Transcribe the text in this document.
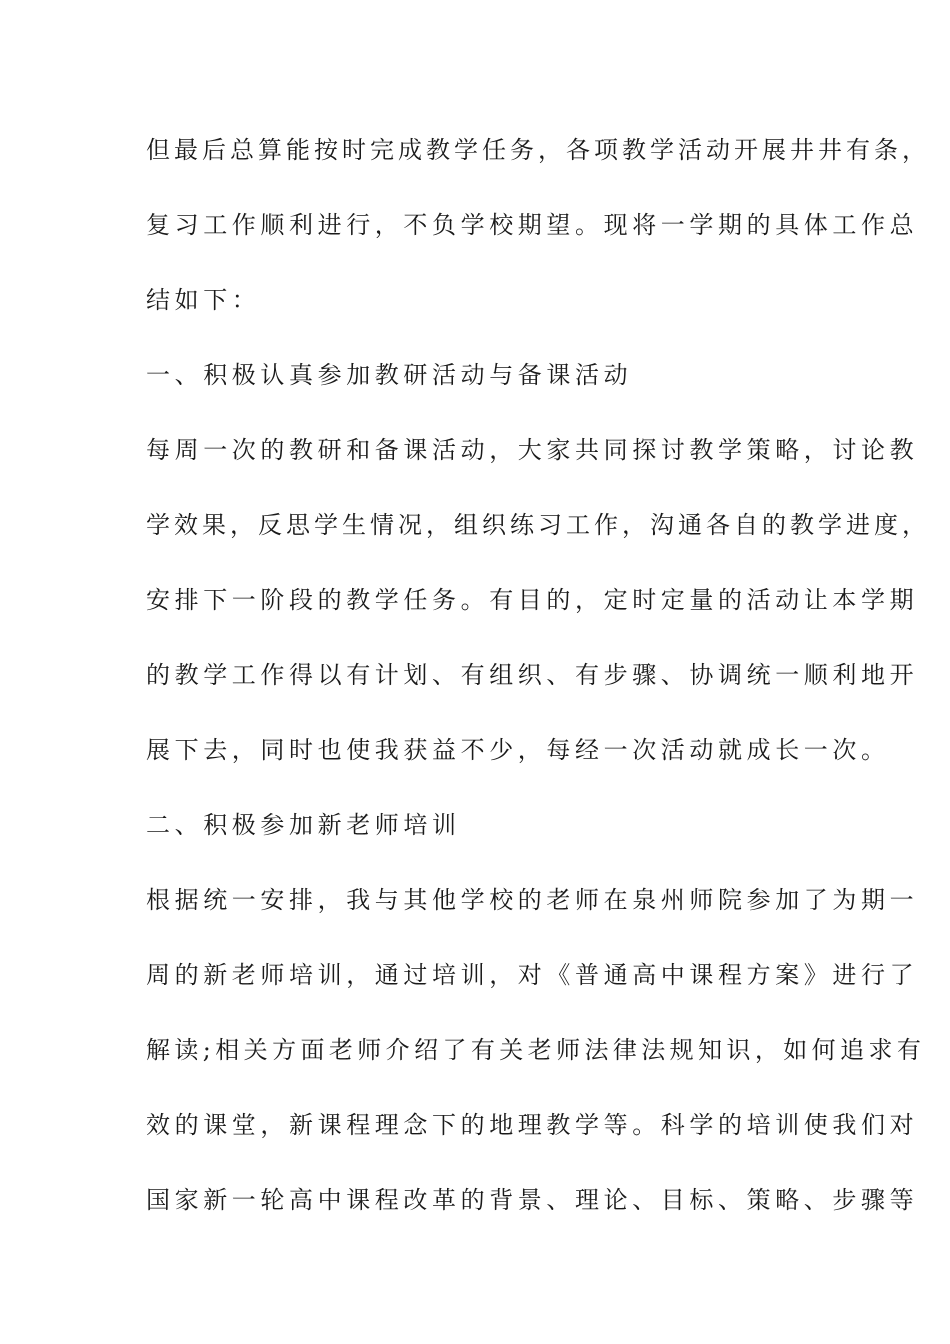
但最后总算能按时完成教学任务，各项教学活动开展井井有条，
复习工作顺利进行，不负学校期望。现将一学期的具体工作总
结如下：
一、积极认真参加教研活动与备课活动
每周一次的教研和备课活动，大家共同探讨教学策略，讨论教
学效果，反思学生情况，组织练习工作，沟通各自的教学进度，
安排下一阶段的教学任务。有目的，定时定量的活动让本学期
的教学工作得以有计划、有组织、有步骤、协调统一顺利地开
展下去，同时也使我获益不少，每经一次活动就成长一次。
二、积极参加新老师培训
根据统一安排，我与其他学校的老师在泉州师院参加了为期一
周的新老师培训，通过培训，对《普通高中课程方案》进行了
解读;相关方面老师介绍了有关老师法律法规知识，如何追求有
效的课堂，新课程理念下的地理教学等。科学的培训使我们对
国家新一轮高中课程改革的背景、理论、目标、策略、步骤等
